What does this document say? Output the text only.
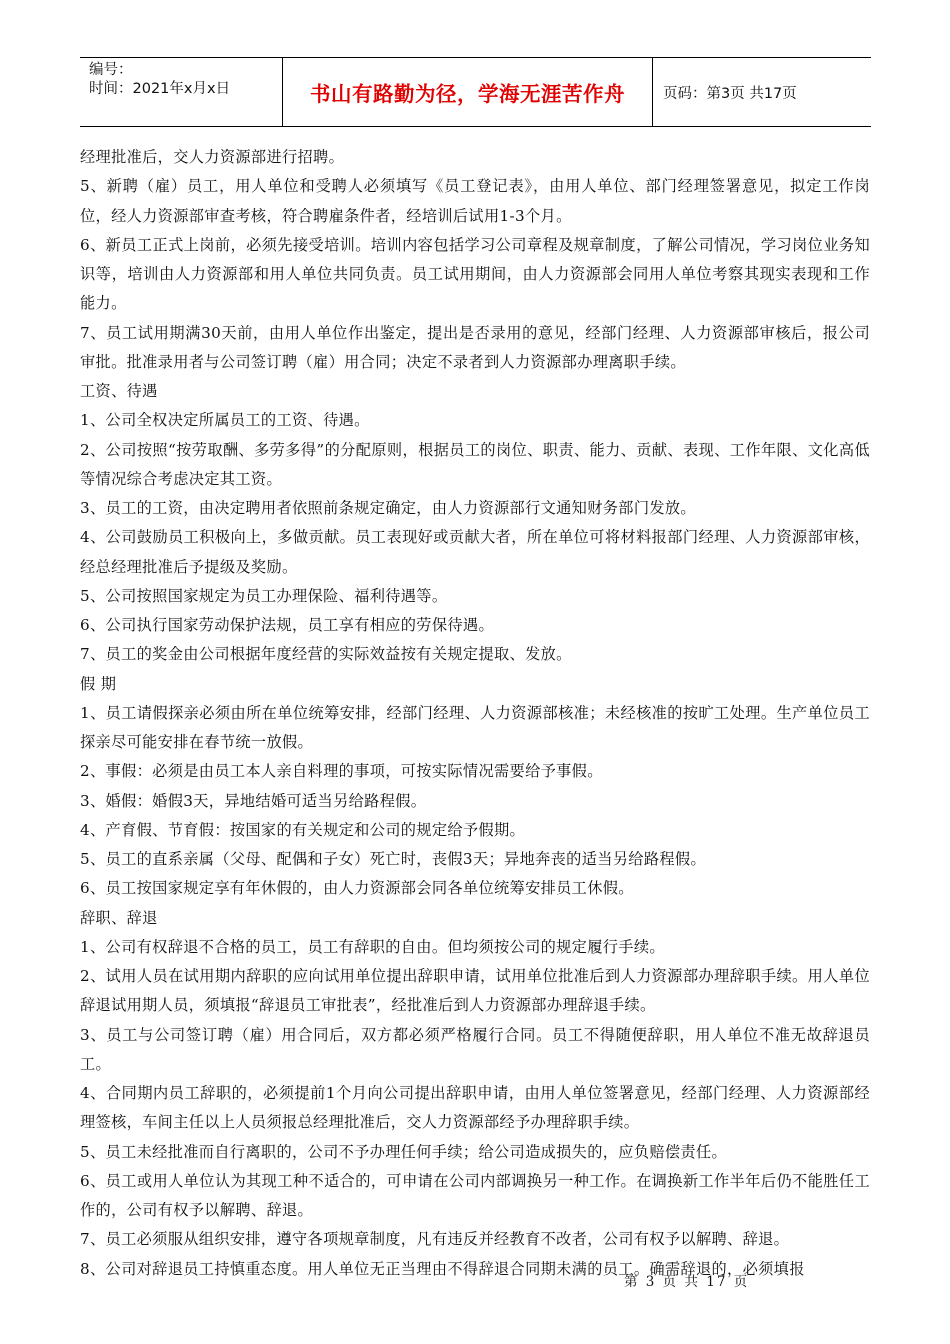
编号：
时间：2021年x月x日	书山有路勤为径，学海无涯苦作舟	页码：第3页 共17页

经理批准后，交人力资源部进行招聘。

5、新聘（雇）员工，用人单位和受聘人必须填写《员工登记表》，由用人单位、部门经理签署意见，拟定工作岗位，经人力资源部审查考核，符合聘雇条件者，经培训后试用1-3个月。

6、新员工正式上岗前，必须先接受培训。培训内容包括学习公司章程及规章制度，了解公司情况，学习岗位业务知识等，培训由人力资源部和用人单位共同负责。员工试用期间，由人力资源部会同用人单位考察其现实表现和工作能力。

7、员工试用期满30天前，由用人单位作出鉴定，提出是否录用的意见，经部门经理、人力资源部审核后，报公司审批。批准录用者与公司签订聘（雇）用合同；决定不录者到人力资源部办理离职手续。

工资、待遇

1、公司全权决定所属员工的工资、待遇。

2、公司按照“按劳取酬、多劳多得”的分配原则，根据员工的岗位、职责、能力、贡献、表现、工作年限、文化高低等情况综合考虑决定其工资。

3、员工的工资，由决定聘用者依照前条规定确定，由人力资源部行文通知财务部门发放。

4、公司鼓励员工积极向上，多做贡献。员工表现好或贡献大者，所在单位可将材料报部门经理、人力资源部审核，经总经理批准后予提级及奖励。

5、公司按照国家规定为员工办理保险、福利待遇等。

6、公司执行国家劳动保护法规，员工享有相应的劳保待遇。

7、员工的奖金由公司根据年度经营的实际效益按有关规定提取、发放。

假 期

1、员工请假探亲必须由所在单位统筹安排，经部门经理、人力资源部核准；未经核准的按旷工处理。生产单位员工探亲尽可能安排在春节统一放假。

2、事假：必须是由员工本人亲自料理的事项，可按实际情况需要给予事假。

3、婚假：婚假3天，异地结婚可适当另给路程假。

4、产育假、节育假：按国家的有关规定和公司的规定给予假期。

5、员工的直系亲属（父母、配偶和子女）死亡时，丧假3天；异地奔丧的适当另给路程假。

6、员工按国家规定享有年休假的，由人力资源部会同各单位统筹安排员工休假。

辞职、辞退

1、公司有权辞退不合格的员工，员工有辞职的自由。但均须按公司的规定履行手续。

2、试用人员在试用期内辞职的应向试用单位提出辞职申请，试用单位批准后到人力资源部办理辞职手续。用人单位辞退试用期人员，须填报“辞退员工审批表”，经批准后到人力资源部办理辞退手续。

3、员工与公司签订聘（雇）用合同后，双方都必须严格履行合同。员工不得随便辞职，用人单位不准无故辞退员工。

4、合同期内员工辞职的，必须提前1个月向公司提出辞职申请，由用人单位签署意见，经部门经理、人力资源部经理签核，车间主任以上人员须报总经理批准后，交人力资源部经予办理辞职手续。

5、员工未经批准而自行离职的，公司不予办理任何手续；给公司造成损失的，应负赔偿责任。

6、员工或用人单位认为其现工种不适合的，可申请在公司内部调换另一种工作。在调换新工作半年后仍不能胜任工作的，公司有权予以解聘、辞退。

7、员工必须服从组织安排，遵守各项规章制度，凡有违反并经教育不改者，公司有权予以解聘、辞退。

8、公司对辞退员工持慎重态度。用人单位无正当理由不得辞退合同期未满的员工。确需辞退的，必须填报

第 3 页 共 17 页
